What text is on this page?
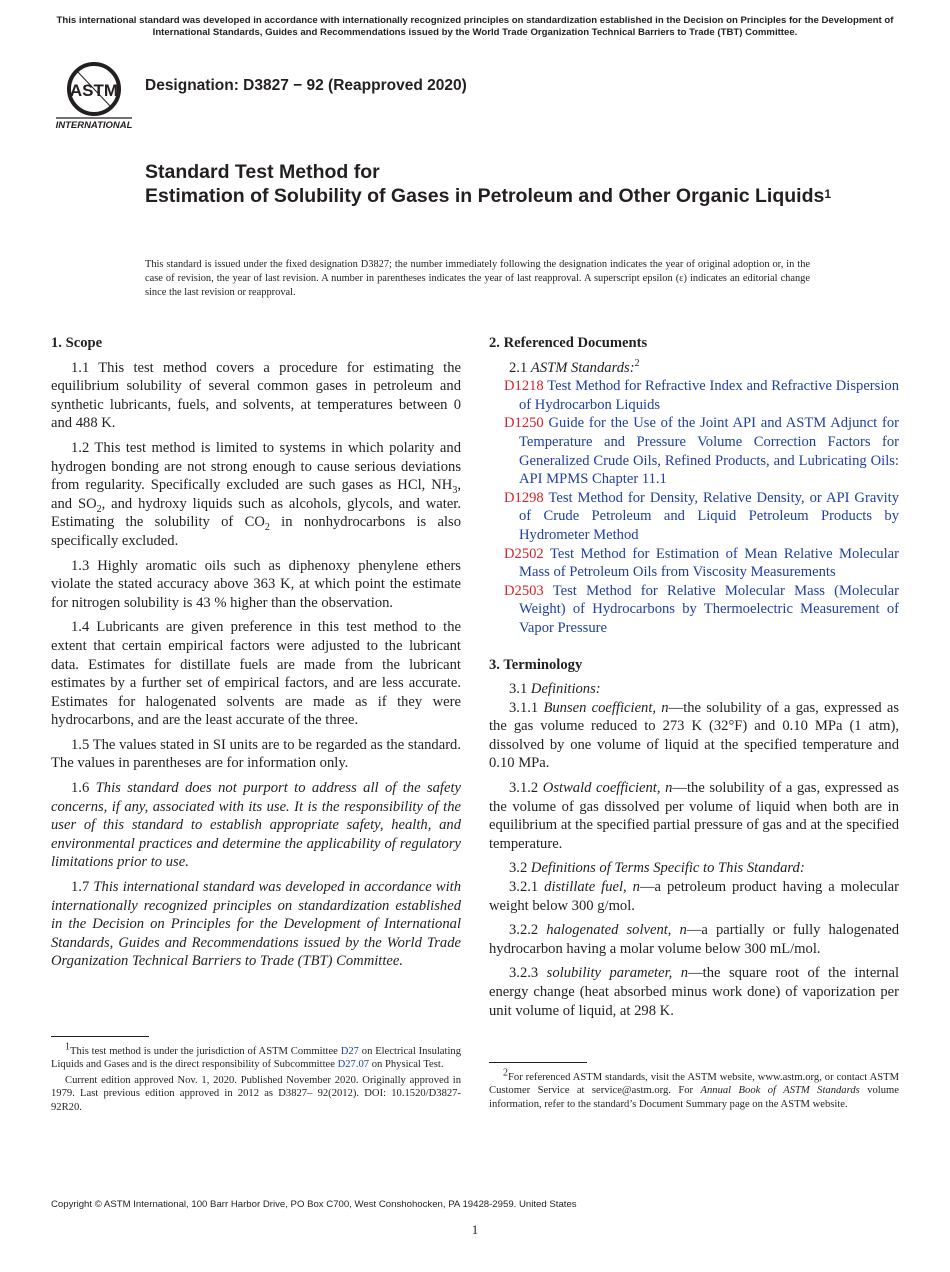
This international standard was developed in accordance with internationally recognized principles on standardization established in the Decision on Principles for the Development of International Standards, Guides and Recommendations issued by the World Trade Organization Technical Barriers to Trade (TBT) Committee.
ASTM
INTERNATIONAL
Designation: D3827 − 92 (Reapproved 2020)
Standard Test Method for
Estimation of Solubility of Gases in Petroleum and Other Organic Liquids$^1$
This standard is issued under the fixed designation D3827; the number immediately following the designation indicates the year of original adoption or, in the case of revision, the year of last revision. A number in parentheses indicates the year of last reapproval. A superscript epsilon (ε) indicates an editorial change since the last revision or reapproval.
1. Scope

1.1 This test method covers a procedure for estimating the equilibrium solubility of several common gases in petroleum and synthetic lubricants, fuels, and solvents, at temperatures between 0 and 488 K.

1.2 This test method is limited to systems in which polarity and hydrogen bonding are not strong enough to cause serious deviations from regularity. Specifically excluded are such gases as HCl, $NH_3$, and $SO_2$, and hydroxy liquids such as alcohols, glycols, and water. Estimating the solubility of $CO_2$ in nonhydrocarbons is also specifically excluded.

1.3 Highly aromatic oils such as diphenoxy phenylene ethers violate the stated accuracy above 363 K, at which point the estimate for nitrogen solubility is 43 % higher than the observation.

1.4 Lubricants are given preference in this test method to the extent that certain empirical factors were adjusted to the lubricant data. Estimates for distillate fuels are made from the lubricant estimates by a further set of empirical factors, and are less accurate. Estimates for halogenated solvents are made as if they were hydrocarbons, and are the least accurate of the three.

1.5 The values stated in SI units are to be regarded as the standard. The values in parentheses are for information only.

1.6 This standard does not purport to address all of the safety concerns, if any, associated with its use. It is the responsibility of the user of this standard to establish appropriate safety, health, and environmental practices and determine the applicability of regulatory limitations prior to use.

1.7 This international standard was developed in accordance with internationally recognized principles on standardization established in the Decision on Principles for the Development of International Standards, Guides and Recommendations issued by the World Trade Organization Technical Barriers to Trade (TBT) Committee.

1This test method is under the jurisdiction of ASTM Committee D27 on Electrical Insulating Liquids and Gases and is the direct responsibility of Subcommittee D27.07 on Physical Test.

Current edition approved Nov. 1, 2020. Published November 2020. Originally approved in 1979. Last previous edition approved in 2012 as D3827– 92(2012). DOI: 10.1520/D3827-92R20.

2. Referenced Documents

2.1 ASTM Standards:$^2$

D1218 Test Method for Refractive Index and Refractive Dispersion of Hydrocarbon Liquids

D1250 Guide for the Use of the Joint API and ASTM Adjunct for Temperature and Pressure Volume Correction Factors for Generalized Crude Oils, Refined Products, and Lubricating Oils: API MPMS Chapter 11.1

D1298 Test Method for Density, Relative Density, or API Gravity of Crude Petroleum and Liquid Petroleum Products by Hydrometer Method

D2502 Test Method for Estimation of Mean Relative Molecular Mass of Petroleum Oils from Viscosity Measurements

D2503 Test Method for Relative Molecular Mass (Molecular Weight) of Hydrocarbons by Thermoelectric Measurement of Vapor Pressure

3. Terminology

3.1 Definitions:

3.1.1 Bunsen coefficient, n—the solubility of a gas, expressed as the gas volume reduced to 273 K (32°F) and 0.10 MPa (1 atm), dissolved by one volume of liquid at the specified temperature and 0.10 MPa.

3.1.2 Ostwald coefficient, n—the solubility of a gas, expressed as the volume of gas dissolved per volume of liquid when both are in equilibrium at the specified partial pressure of gas and at the specified temperature.

3.2 Definitions of Terms Specific to This Standard:

3.2.1 distillate fuel, n—a petroleum product having a molecular weight below 300 g/mol.

3.2.2 halogenated solvent, n—a partially or fully halogenated hydrocarbon having a molar volume below 300 mL/mol.

3.2.3 solubility parameter, n—the square root of the internal energy change (heat absorbed minus work done) of vaporization per unit volume of liquid, at 298 K.

2For referenced ASTM standards, visit the ASTM website, www.astm.org, or contact ASTM Customer Service at service@astm.org. For Annual Book of ASTM Standards volume information, refer to the standard’s Document Summary page on the ASTM website.

Copyright © ASTM International, 100 Barr Harbor Drive, PO Box C700, West Conshohocken, PA 19428-2959. United States
1
